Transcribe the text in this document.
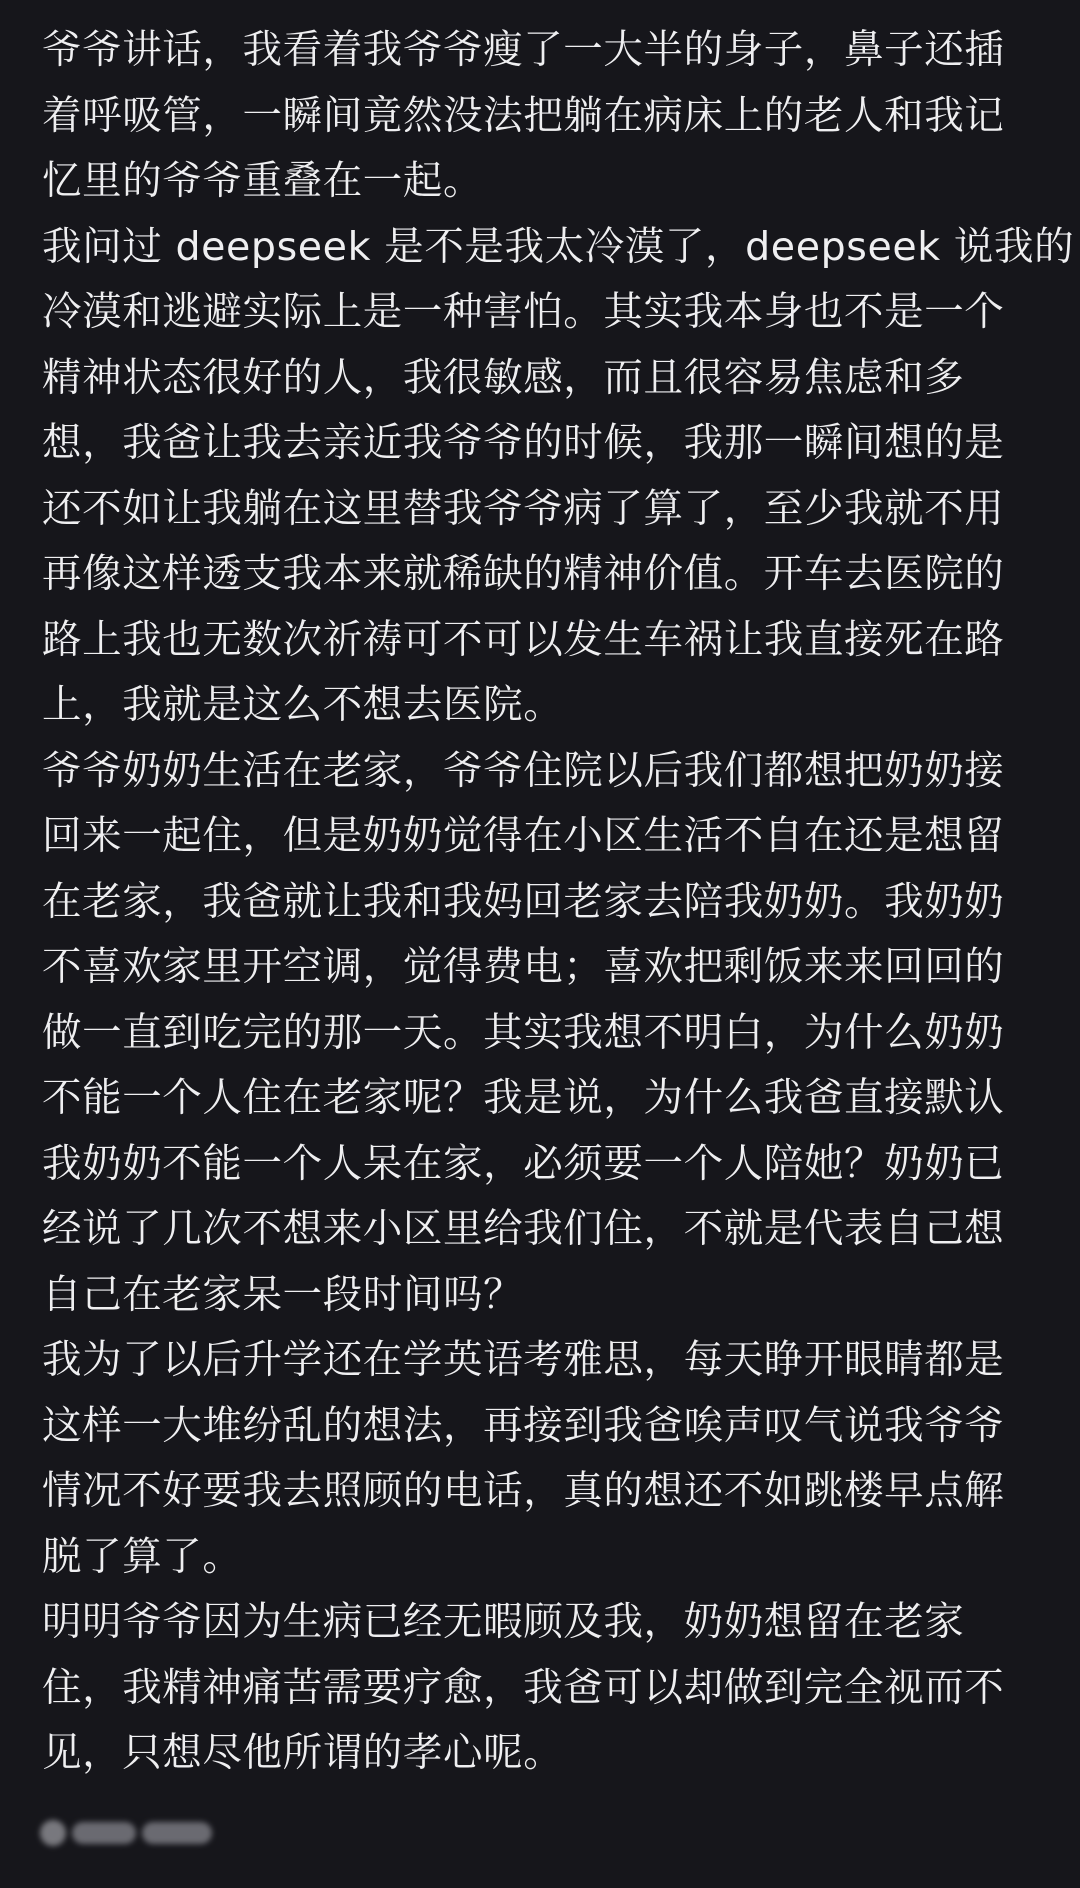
爷爷讲话，我看着我爷爷瘦了一大半的身子，鼻子还插
着呼吸管，一瞬间竟然没法把躺在病床上的老人和我记
忆里的爷爷重叠在一起。
我问过 deepseek 是不是我太冷漠了，deepseek 说我的
冷漠和逃避实际上是一种害怕。其实我本身也不是一个
精神状态很好的人，我很敏感，而且很容易焦虑和多
想，我爸让我去亲近我爷爷的时候，我那一瞬间想的是
还不如让我躺在这里替我爷爷病了算了，至少我就不用
再像这样透支我本来就稀缺的精神价值。开车去医院的
路上我也无数次祈祷可不可以发生车祸让我直接死在路
上，我就是这么不想去医院。
爷爷奶奶生活在老家，爷爷住院以后我们都想把奶奶接
回来一起住，但是奶奶觉得在小区生活不自在还是想留
在老家，我爸就让我和我妈回老家去陪我奶奶。我奶奶
不喜欢家里开空调，觉得费电；喜欢把剩饭来来回回的
做一直到吃完的那一天。其实我想不明白，为什么奶奶
不能一个人住在老家呢？我是说，为什么我爸直接默认
我奶奶不能一个人呆在家，必须要一个人陪她？奶奶已
经说了几次不想来小区里给我们住，不就是代表自己想
自己在老家呆一段时间吗？
我为了以后升学还在学英语考雅思，每天睁开眼睛都是
这样一大堆纷乱的想法，再接到我爸唉声叹气说我爷爷
情况不好要我去照顾的电话，真的想还不如跳楼早点解
脱了算了。
明明爷爷因为生病已经无暇顾及我，奶奶想留在老家
住，我精神痛苦需要疗愈，我爸可以却做到完全视而不
见，只想尽他所谓的孝心呢。
